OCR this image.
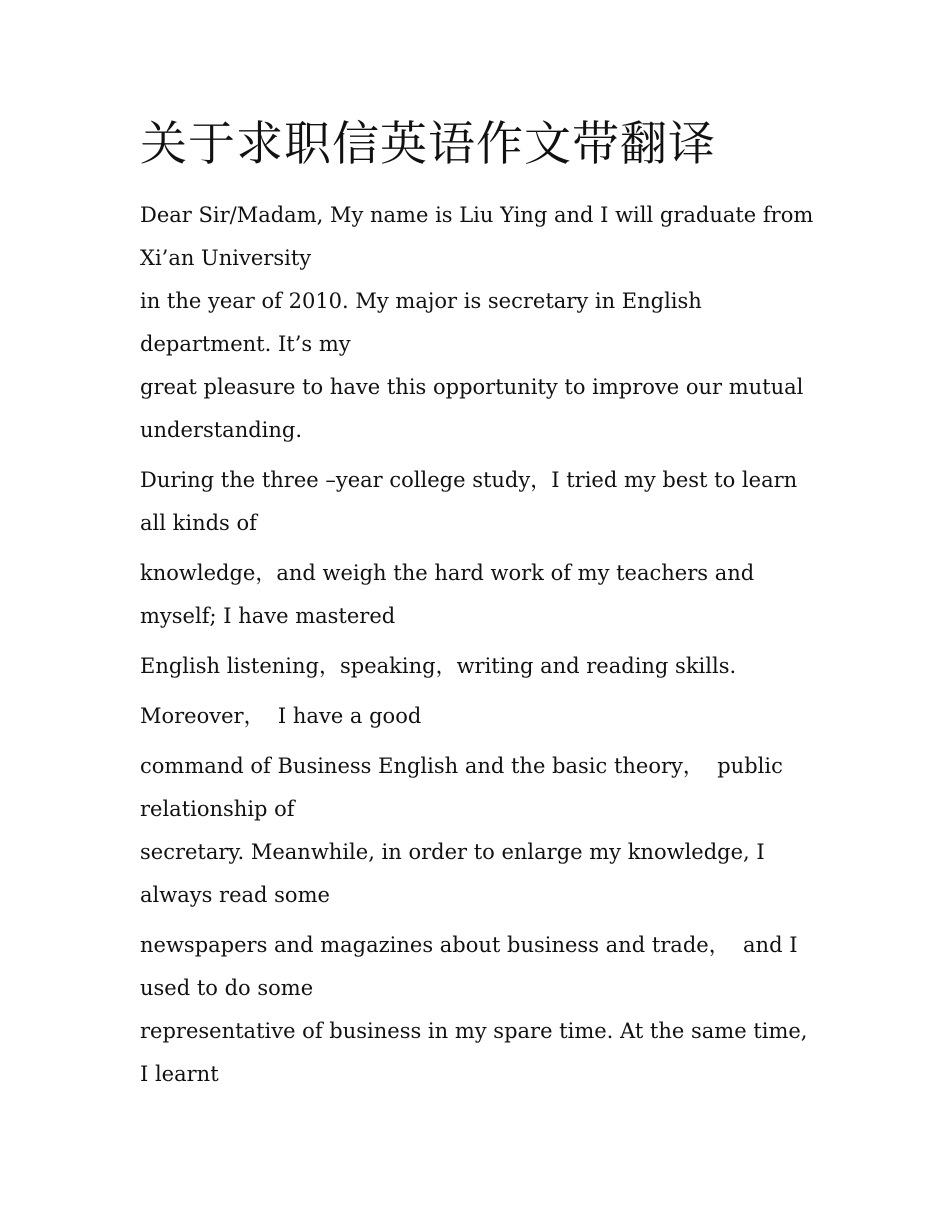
关于求职信英语作文带翻译

Dear Sir/Madam, My name is Liu Ying and I will graduate from Xi’an University

in the year of 2010. My major is secretary in English department. It’s my

great pleasure to have this opportunity to improve our mutual understanding.

During the three –year college study，I tried my best to learn all kinds of

knowledge，and weigh the hard work of my teachers and myself; I have mastered

English listening，speaking，writing and reading skills.

Moreover，  I have a good

command of Business English and the basic theory，  public relationship of

secretary. Meanwhile, in order to enlarge my knowledge, I always read some

newspapers and magazines about business and trade，  and I used to do some

representative of business in my spare time. At the same time, I learnt
